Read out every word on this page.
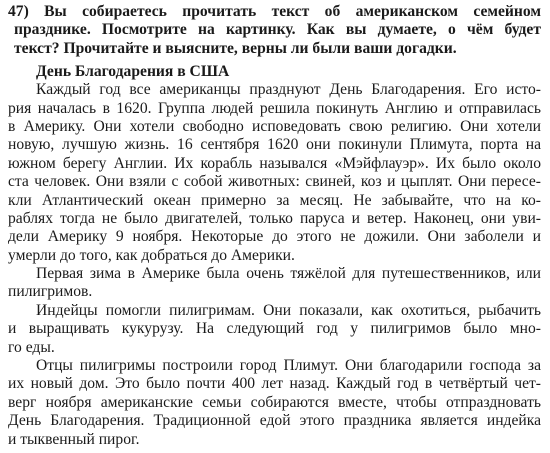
47) Вы собираетесь прочитать текст об американском семейном
празднике. Посмотрите на картинку. Как вы думаете, о чём будет
текст? Прочитайте и выясните, верны ли были ваши догадки.
День Благодарения в США
Каждый год все американцы празднуют День Благодарения. Его исто-
рия началась в 1620. Группа людей решила покинуть Англию и отправилась
в Америку. Они хотели свободно исповедовать свою религию. Они хотели
новую, лучшую жизнь. 16 сентября 1620 они покинули Плимута, порта на
южном берегу Англии. Их корабль назывался «Мэйфлауэр». Их было около
ста человек. Они взяли с собой животных: свиней, коз и цыплят. Они пересе-
кли Атлантический океан примерно за месяц. Не забывайте, что на ко-
раблях тогда не было двигателей, только паруса и ветер. Наконец, они уви-
дели Америку 9 ноября. Некоторые до этого не дожили. Они заболели и
умерли до того, как добраться до Америки.
Первая зима в Америке была очень тяжёлой для путешественников, или
пилигримов.
Индейцы помогли пилигримам. Они показали, как охотиться, рыбачить
и выращивать кукурузу. На следующий год у пилигримов было мно-
го еды.
Отцы пилигримы построили город Плимут. Они благодарили господа за
их новый дом. Это было почти 400 лет назад. Каждый год в четвёртый чет-
верг ноября американские семьи собираются вместе, чтобы отпраздновать
День Благодарения. Традиционной едой этого праздника является индейка
и тыквенный пирог.
